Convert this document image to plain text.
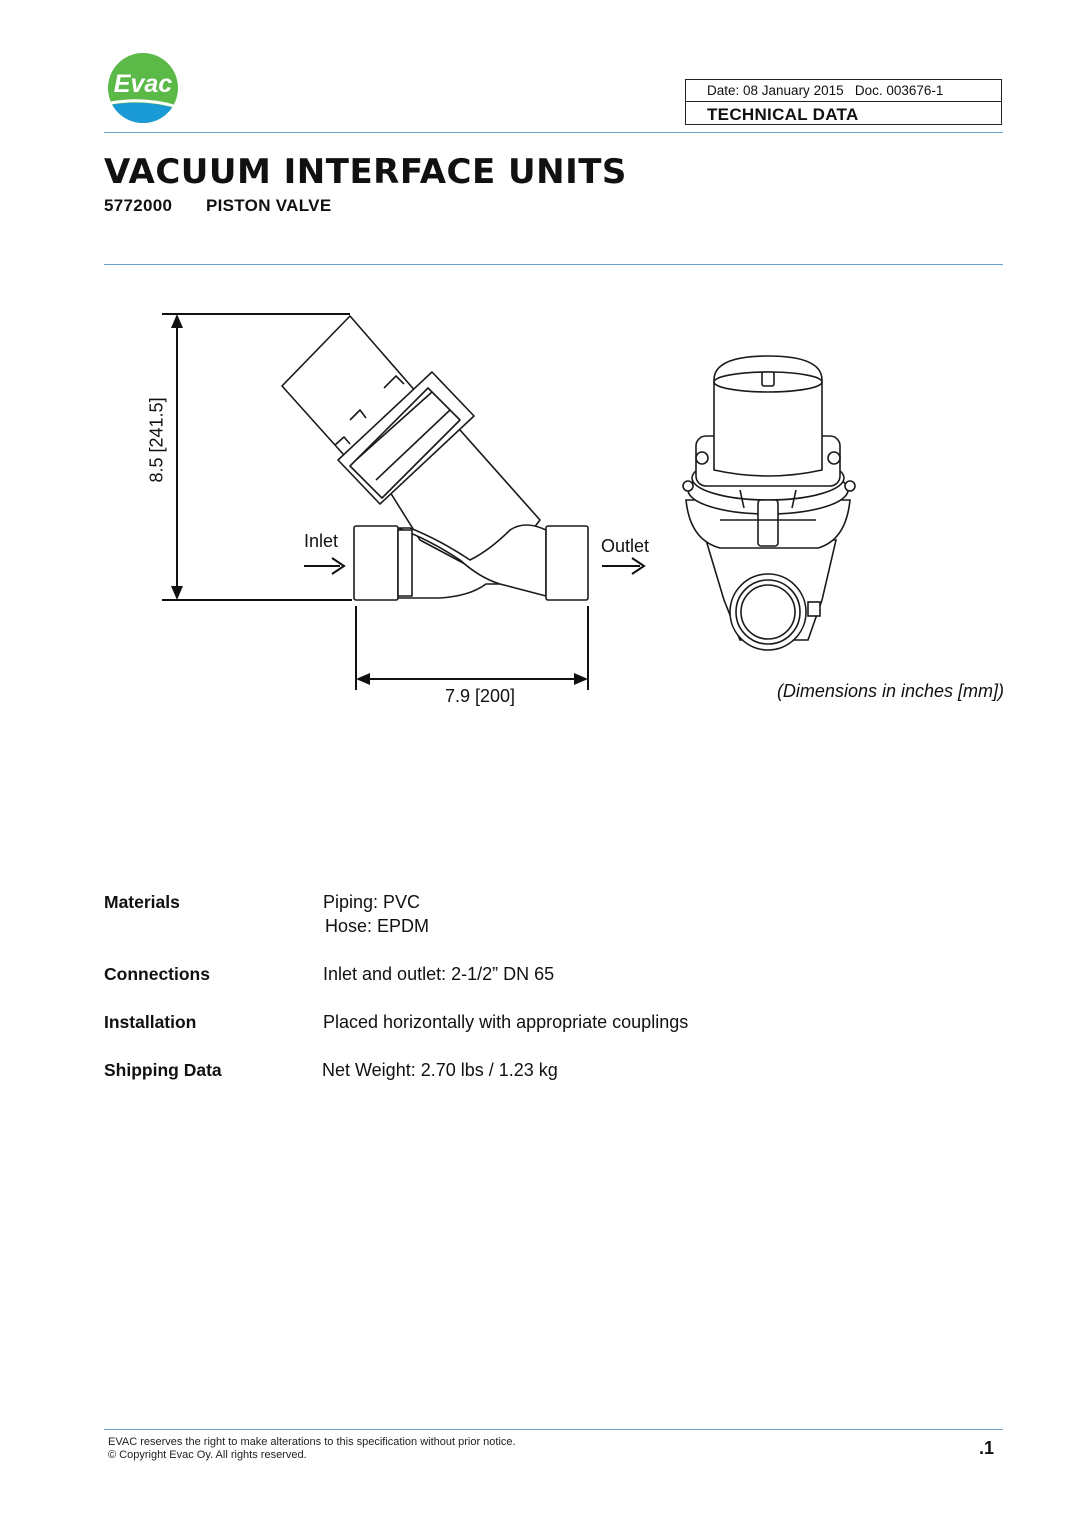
Evac	Date: 08 January 2015 Doc. 003676-1
TECHNICAL DATA
VACUUM INTERFACE UNITS
5772000 PISTON VALVE
8.5 [241.5]
7.9 [200]
Inlet	Outlet
(Dimensions in inches [mm])
Materials	Piping: PVC
Hose: EPDM
Connections	Inlet and outlet: 2-1/2” DN 65
Installation	Placed horizontally with appropriate couplings
Shipping Data	Net Weight: 2.70 lbs / 1.23 kg
EVAC reserves the right to make alterations to this specification without prior notice.
© Copyright Evac Oy. All rights reserved.	.1
